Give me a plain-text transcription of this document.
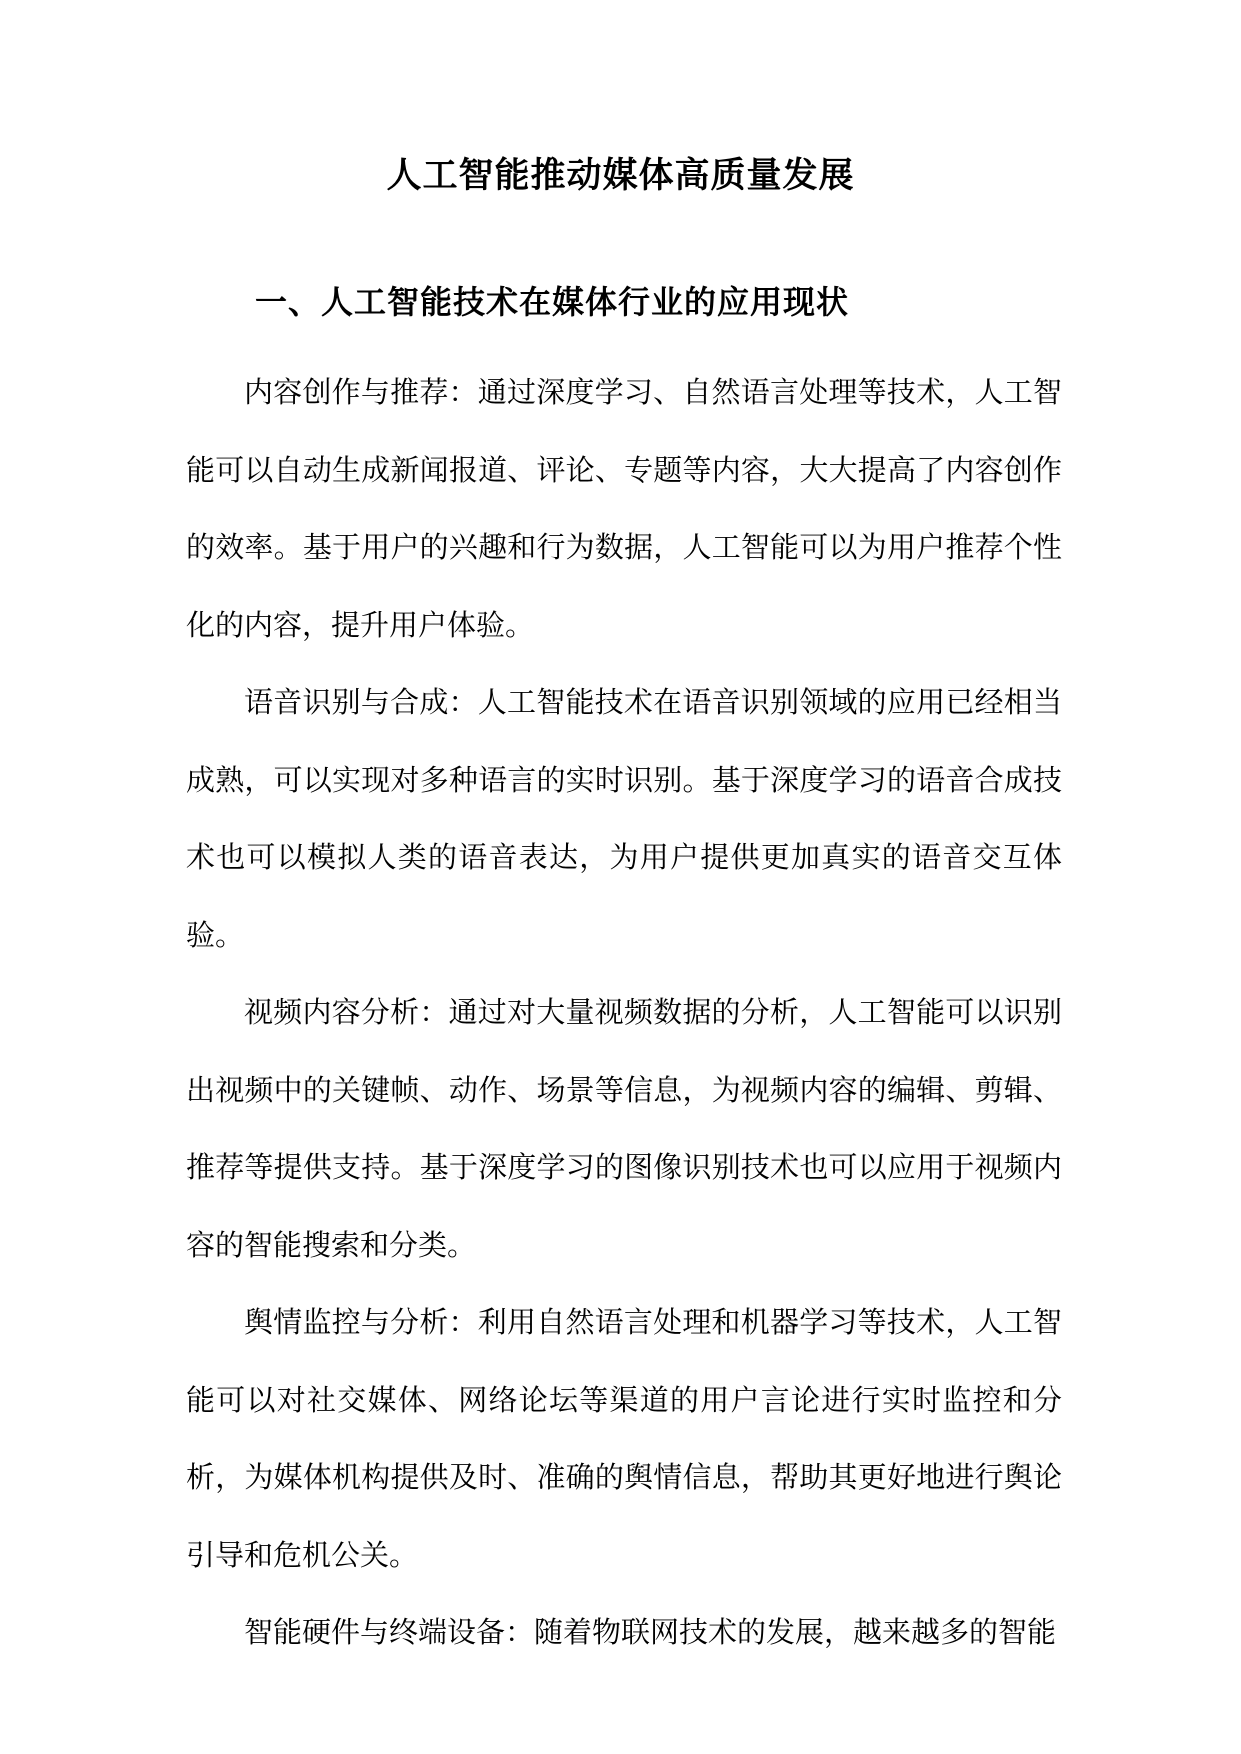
人工智能推动媒体高质量发展
一、人工智能技术在媒体行业的应用现状

内容创作与推荐：通过深度学习、自然语言处理等技术，人工智能可以自动生成新闻报道、评论、专题等内容，大大提高了内容创作的效率。基于用户的兴趣和行为数据，人工智能可以为用户推荐个性化的内容，提升用户体验。

语音识别与合成：人工智能技术在语音识别领域的应用已经相当成熟，可以实现对多种语言的实时识别。基于深度学习的语音合成技术也可以模拟人类的语音表达，为用户提供更加真实的语音交互体验。

视频内容分析：通过对大量视频数据的分析，人工智能可以识别出视频中的关键帧、动作、场景等信息，为视频内容的编辑、剪辑、推荐等提供支持。基于深度学习的图像识别技术也可以应用于视频内容的智能搜索和分类。

舆情监控与分析：利用自然语言处理和机器学习等技术，人工智能可以对社交媒体、网络论坛等渠道的用户言论进行实时监控和分析，为媒体机构提供及时、准确的舆情信息，帮助其更好地进行舆论引导和危机公关。

智能硬件与终端设备：随着物联网技术的发展，越来越多的智能
